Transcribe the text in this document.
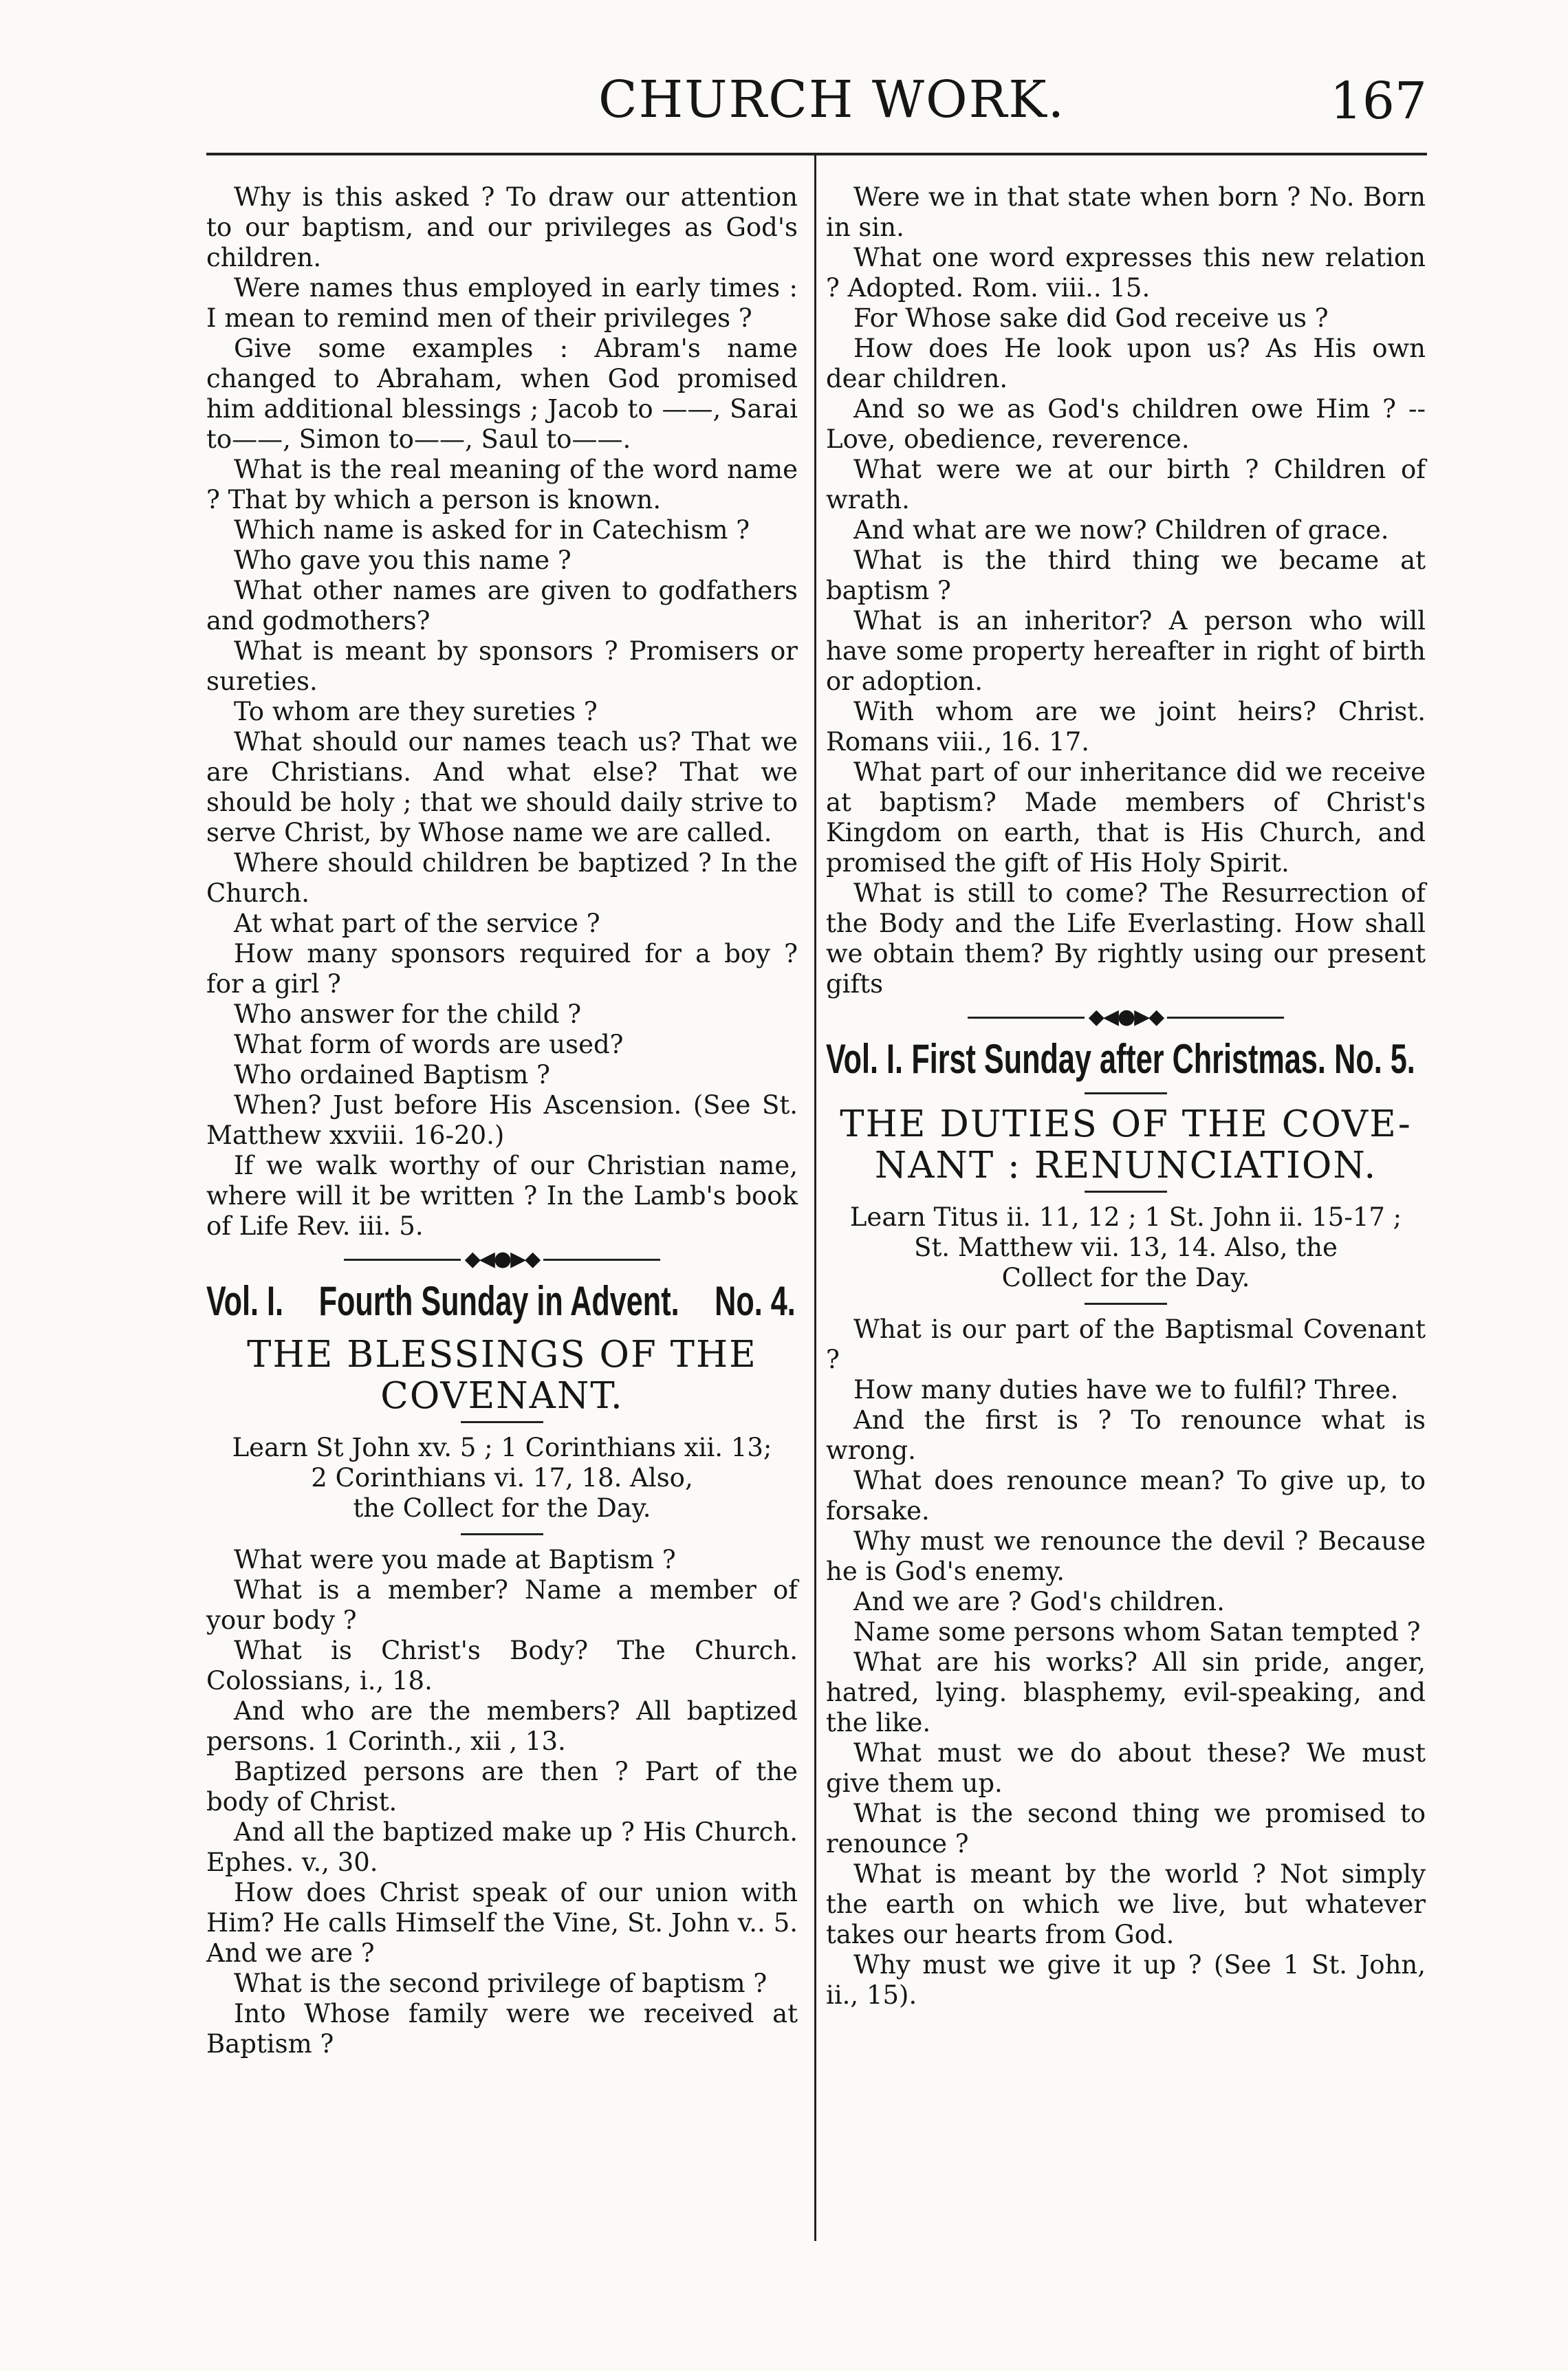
CHURCH WORK.	167

Why is this asked ? To draw our attention to our baptism, and our privileges as God's children.

Were names thus employed in early times : I mean to remind men of their privileges ?

Give some examples : Abram's name changed to Abraham, when God promised him additional blessings ; Jacob to ——, Sarai to——, Simon to——, Saul to——.

What is the real meaning of the word name ? That by which a person is known.

Which name is asked for in Catechism ?

Who gave you this name ?

What other names are given to godfathers and godmothers?

What is meant by sponsors ? Promisers or sureties.

To whom are they sureties ?

What should our names teach us? That we are Christians. And what else? That we should be holy ; that we should daily strive to serve Christ, by Whose name we are called.

Where should children be baptized ? In the Church.

At what part of the service ?

How many sponsors required for a boy ? for a girl ?

Who answer for the child ?

What form of words are used?

Who ordained Baptism ?

When? Just before His Ascension. (See St. Matthew xxviii. 16-20.)

If we walk worthy of our Christian name, where will it be written ? In the Lamb's book of Life Rev. iii. 5.

◆◀●▶◆
Vol. I. Fourth Sunday in Advent. No. 4.
THE BLESSINGS OF THE
COVENANT.
Learn St John xv. 5 ; 1 Corinthians xii. 13;
2 Corinthians vi. 17, 18. Also,
the Collect for the Day.

What were you made at Baptism ?

What is a member? Name a member of your body ?

What is Christ's Body? The Church. Colossians, i., 18.

And who are the members? All baptized persons. 1 Corinth., xii , 13.

Baptized persons are then ? Part of the body of Christ.

And all the baptized make up ? His Church. Ephes. v., 30.

How does Christ speak of our union with Him? He calls Himself the Vine, St. John v.. 5. And we are ?

What is the second privilege of baptism ?

Into Whose family were we received at Baptism ?

Were we in that state when born ? No. Born in sin.

What one word expresses this new relation ? Adopted. Rom. viii.. 15.

For Whose sake did God receive us ?

How does He look upon us? As His own dear children.

And so we as God's children owe Him ? --Love, obedience, reverence.

What were we at our birth ? Children of wrath.

And what are we now? Children of grace.

What is the third thing we became at baptism ?

What is an inheritor? A person who will have some property hereafter in right of birth or adoption.

With whom are we joint heirs? Christ. Romans viii., 16. 17.

What part of our inheritance did we receive at baptism? Made members of Christ's Kingdom on earth, that is His Church, and promised the gift of His Holy Spirit.

What is still to come? The Resurrection of the Body and the Life Everlasting. How shall we obtain them? By rightly using our present gifts

◆◀●▶◆
Vol. I. First Sunday after Christmas. No. 5.
THE DUTIES OF THE COVE-
NANT : RENUNCIATION.
Learn Titus ii. 11, 12 ; 1 St. John ii. 15-17 ;
St. Matthew vii. 13, 14. Also, the
Collect for the Day.

What is our part of the Baptismal Covenant ?

How many duties have we to fulfil? Three.

And the first is ? To renounce what is wrong.

What does renounce mean? To give up, to forsake.

Why must we renounce the devil ? Because he is God's enemy.

And we are ? God's children.

Name some persons whom Satan tempted ?

What are his works? All sin pride, anger, hatred, lying. blasphemy, evil-speaking, and the like.

What must we do about these? We must give them up.

What is the second thing we promised to renounce ?

What is meant by the world ? Not simply the earth on which we live, but whatever takes our hearts from God.

Why must we give it up ? (See 1 St. John, ii., 15).
